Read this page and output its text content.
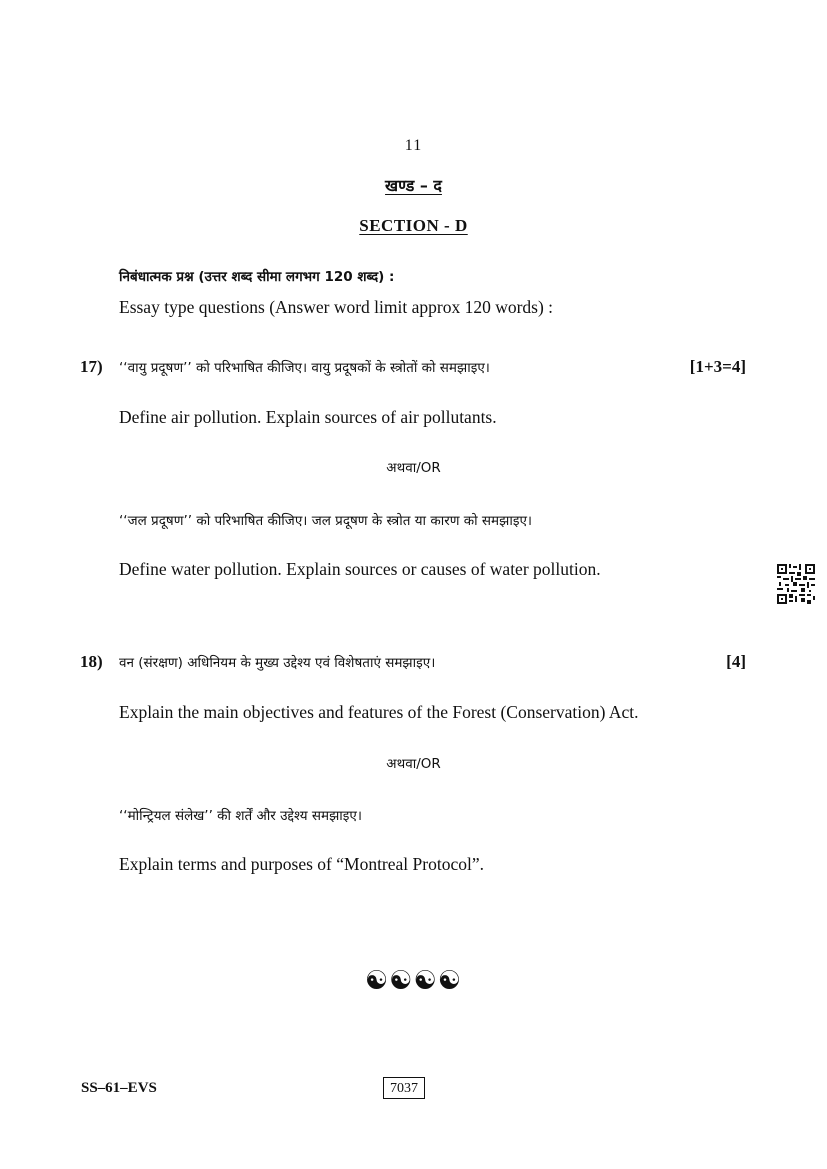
11
खण्ड – द
SECTION - D
निबंधात्मक प्रश्न (उत्तर शब्द सीमा लगभग 120 शब्द) :
Essay type questions (Answer word limit approx 120 words) :
17) ‘‘वायु प्रदूषण’’ को परिभाषित कीजिए। वायु प्रदूषकों के स्त्रोतों को समझाइए।	[1+3=4]
Define air pollution. Explain sources of air pollutants.
अथवा/OR
‘‘जल प्रदूषण’’ को परिभाषित कीजिए। जल प्रदूषण के स्त्रोत या कारण को समझाइए।
Define water pollution. Explain sources or causes of water pollution.
18) वन (संरक्षण) अधिनियम के मुख्य उद्देश्य एवं विशेषताएं समझाइए।	[4]
Explain the main objectives and features of the Forest (Conservation) Act.
अथवा/OR
‘‘मोन्ट्रियल संलेख’’ की शर्तें और उद्देश्य समझाइए।
Explain terms and purposes of “Montreal Protocol”.
☯☯☯☯
SS–61–EVS	7037
